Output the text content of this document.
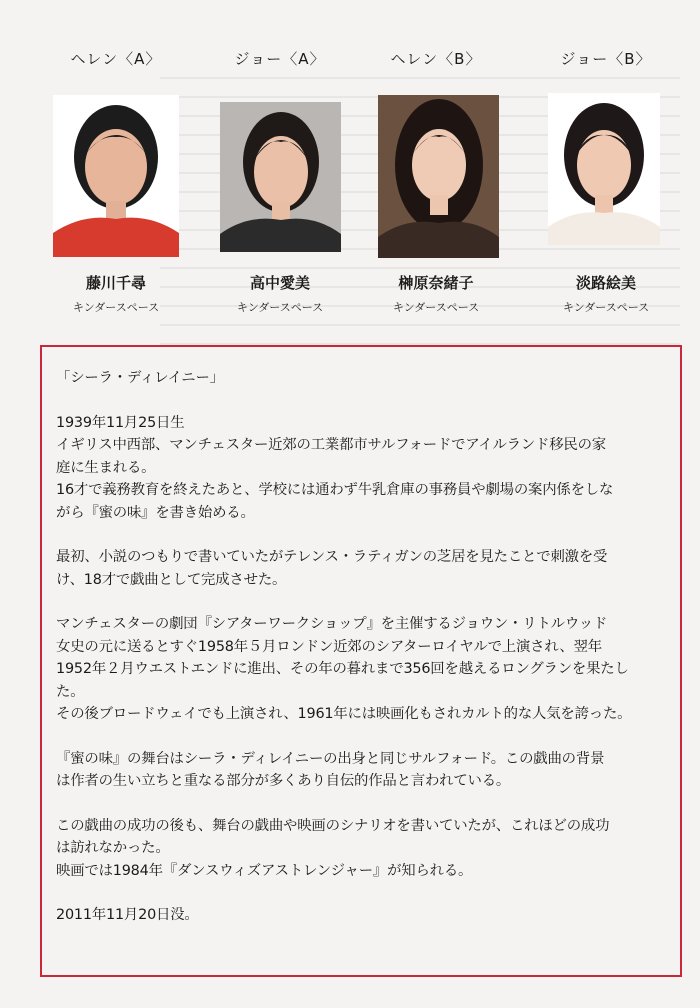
ヘレン〈A〉
藤川千尋
キンダースペース
ジョー〈A〉
高中愛美
キンダースペース
ヘレン〈B〉
榊原奈緒子
キンダースペース
ジョー〈B〉
淡路絵美
キンダースペース

「シーラ・ディレイニー」

1939年11月25日生

イギリス中西部、マンチェスター近郊の工業都市サルフォードでアイルランド移民の家

庭に生まれる。

16才で義務教育を終えたあと、学校には通わず牛乳倉庫の事務員や劇場の案内係をしな

がら『蜜の味』を書き始める。

最初、小説のつもりで書いていたがテレンス・ラティガンの芝居を見たことで刺激を受

け、18才で戯曲として完成させた。

マンチェスターの劇団『シアターワークショップ』を主催するジョウン・リトルウッド

女史の元に送るとすぐ1958年５月ロンドン近郊のシアターロイヤルで上演され、翌年

1952年２月ウエストエンドに進出、その年の暮れまで356回を越えるロングランを果たし

た。

その後ブロードウェイでも上演され、1961年には映画化もされカルト的な人気を誇った。

『蜜の味』の舞台はシーラ・ディレイニーの出身と同じサルフォード。この戯曲の背景

は作者の生い立ちと重なる部分が多くあり自伝的作品と言われている。

この戯曲の成功の後も、舞台の戯曲や映画のシナリオを書いていたが、これほどの成功

は訪れなかった。

映画では1984年『ダンスウィズアストレンジャー』が知られる。

2011年11月20日没。
